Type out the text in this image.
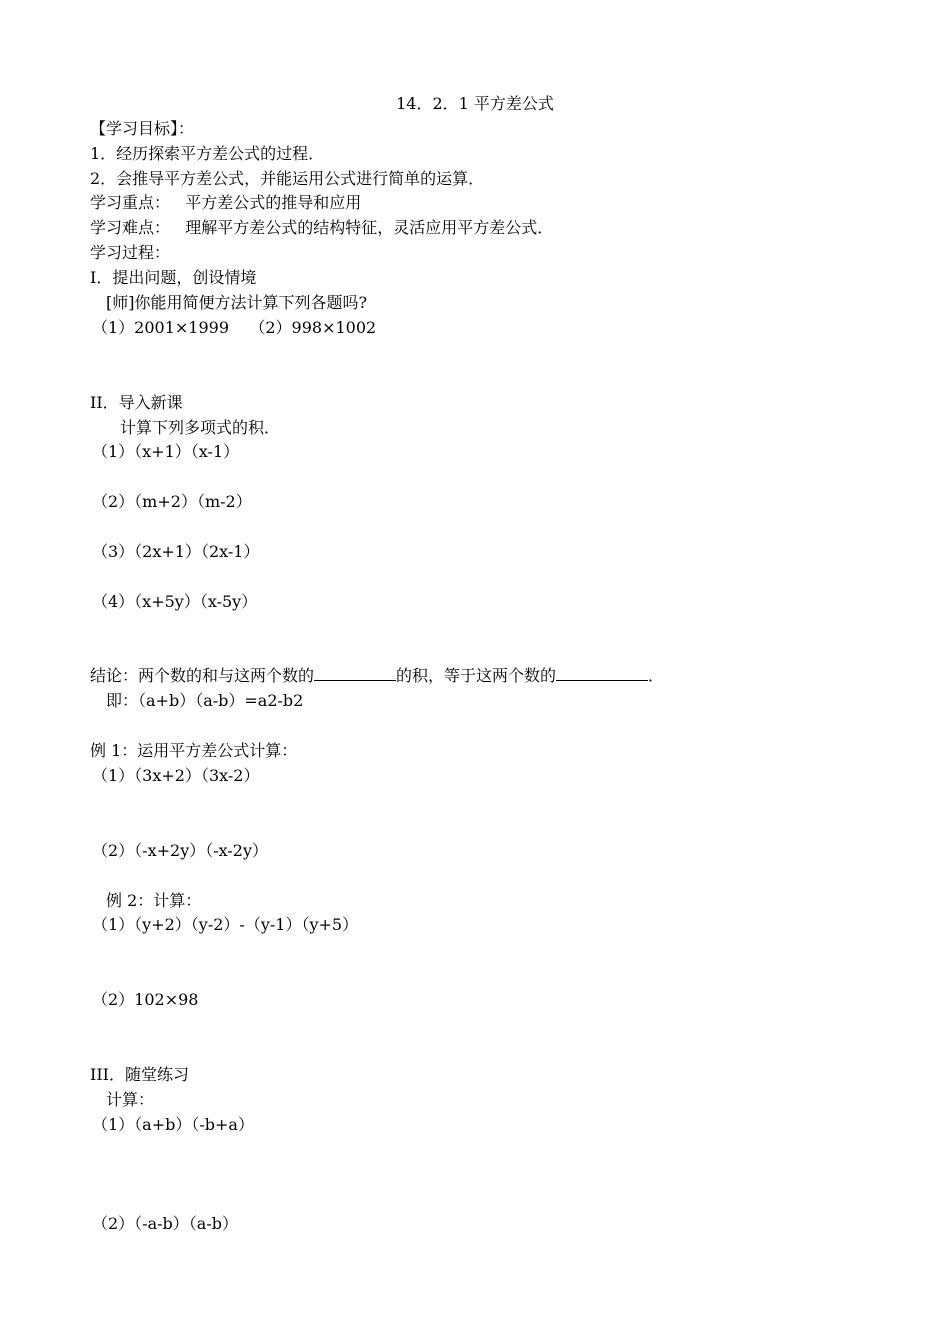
14．2．1 平方差公式
【学习目标】：
1．经历探索平方差公式的过程．
2．会推导平方差公式，并能运用公式进行简单的运算．
学习重点：   平方差公式的推导和应用
学习难点：   理解平方差公式的结构特征，灵活应用平方差公式．
学习过程：
I．提出问题，创设情境
[师]你能用简便方法计算下列各题吗?
（1）2001×1999    （2）998×1002
II．导入新课
计算下列多项式的积．
（1）（x+1）（x-1）
（2）（m+2）（m-2）
（3）（2x+1）（2x-1）
（4）（x+5y）（x-5y）
结论：两个数的和与这两个数的	的积，等于这两个数的	．
即：（a+b）（a-b）=a2-b2
例 1：运用平方差公式计算：
（1）（3x+2）（3x-2）
（2）（-x+2y）（-x-2y）
例 2：计算：
（1）（y+2）（y-2）-（y-1）（y+5）
（2）102×98
III．随堂练习
计算：
（1）（a+b）（-b+a）
（2）（-a-b）（a-b）
